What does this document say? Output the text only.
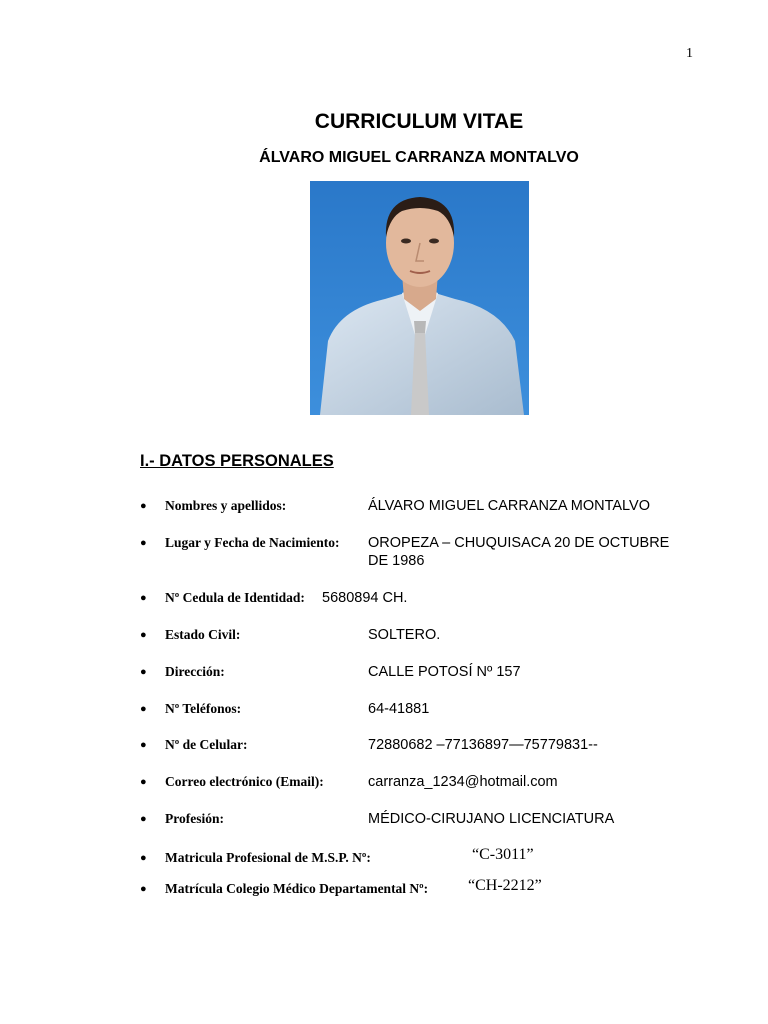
1
CURRICULUM VITAE
ÁLVARO MIGUEL CARRANZA MONTALVO
I.- DATOS PERSONALES
● Nombres y apellidos:	ÁLVARO MIGUEL CARRANZA MONTALVO
● Lugar y Fecha de Nacimiento: OROPEZA – CHUQUISACA 20 DE OCTUBRE
DE 1986
● Nº Cedula de Identidad: 5680894 CH.
● Estado Civil:	SOLTERO.
● Dirección:	CALLE POTOSÍ Nº 157
● Nº Teléfonos:	64-41881
● Nº de Celular:	72880682 –77136897—75779831--
● Correo electrónico (Email):	carranza_1234@hotmail.com
● Profesión:	MÉDICO-CIRUJANO LICENCIATURA
● Matricula Profesional de M.S.P. Nº:	“C-3011”
● Matrícula Colegio Médico Departamental Nº: “CH-2212”
